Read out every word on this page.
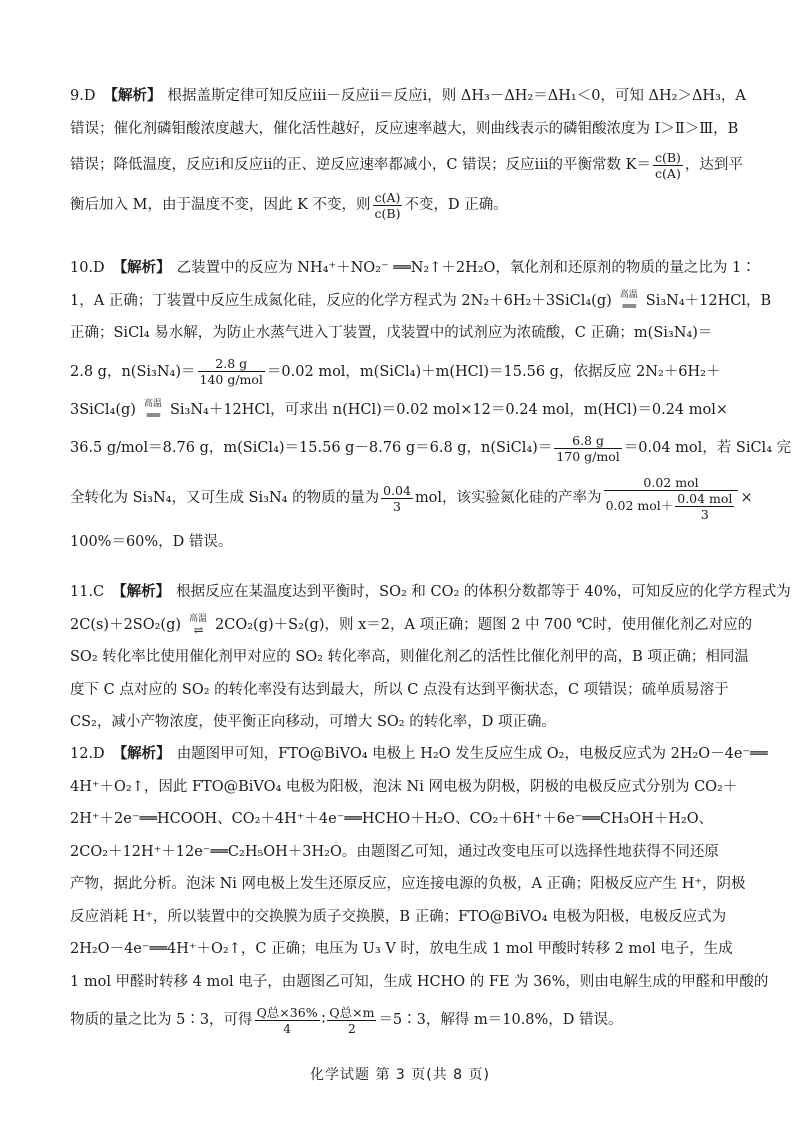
9.D 【解析】 根据盖斯定律可知反应ⅲ－反应ⅱ＝反应ⅰ，则 ΔH₃－ΔH₂＝ΔH₁＜0，可知 ΔH₂＞ΔH₃，A
错误；催化剂磷钼酸浓度越大，催化活性越好，反应速率越大，则曲线表示的磷钼酸浓度为 Ⅰ＞Ⅱ＞Ⅲ，B
错误；降低温度，反应ⅰ和反应ⅱ的正、逆反应速率都减小，C 错误；反应ⅲ的平衡常数 $K= \frac{c(B)}{c(A)}$ ，达到平
衡后加入 M，由于温度不变，因此 K 不变，则 $\frac{c(A)}{c(B)}$ 不变，D 正确。
10.D 【解析】 乙装置中的反应为 NH₄⁺＋NO₂⁻ ══N₂↑＋2H₂O，氧化剂和还原剂的物质的量之比为 1∶
1，A 正确；丁装置中反应生成氮化硅，反应的化学方程式为 2N₂＋6H₂＋3SiCl₄(g) 高温
══ Si₃N₄＋12HCl，B
正确；SiCl₄ 易水解，为防止水蒸气进入丁装置，戊装置中的试剂应为浓硫酸，C 正确；m(Si₃N₄)＝
2.8 g，$n(Si_3N_4)= \frac{2.8 g}{\text{140 g/mol}} =0.02$ mol，m(SiCl₄)＋m(HCl)＝15.56 g，依据反应 2N₂＋6H₂＋
3SiCl₄(g) 高温
══ Si₃N₄＋12HCl，可求出 n(HCl)＝0.02 mol×12＝0.24 mol，m(HCl)＝0.24 mol×
36.5 g/mol＝8.76 g，m(SiCl₄)＝15.56 g－8.76 g＝6.8 g，n(SiCl₄)＝ $\frac{6.8 g}{\text{170 g/mol}} =0.04$ mol，若 SiCl₄ 完
全转化为 Si₃N₄，又可生成 Si₃N₄ 的物质的量为 $\frac{0.04}{3}$ mol，该实验氮化硅的产率为 $\frac{\text{0.02 mol}}{0.02 mol+ \frac{\text{0.04 mol}}{3}}$ ×
100%＝60%，D 错误。
11.C 【解析】 根据反应在某温度达到平衡时，SO₂ 和 CO₂ 的体积分数都等于 40%，可知反应的化学方程式为
2C(s)＋2SO₂(g) 高温
⇌ 2CO₂(g)＋S₂(g)，则 x＝2，A 项正确；题图 2 中 700 ℃时，使用催化剂乙对应的
SO₂ 转化率比使用催化剂甲对应的 SO₂ 转化率高，则催化剂乙的活性比催化剂甲的高，B 项正确；相同温
度下 C 点对应的 SO₂ 的转化率没有达到最大，所以 C 点没有达到平衡状态，C 项错误；硫单质易溶于
CS₂，减小产物浓度，使平衡正向移动，可增大 SO₂ 的转化率，D 项正确。
12.D 【解析】 由题图甲可知，FTO@BiVO₄ 电极上 H₂O 发生反应生成 O₂，电极反应式为 2H₂O－4e⁻══
4H⁺＋O₂↑，因此 FTO@BiVO₄ 电极为阳极，泡沫 Ni 网电极为阴极，阴极的电极反应式分别为 CO₂＋
2H⁺＋2e⁻══HCOOH、CO₂＋4H⁺＋4e⁻══HCHO＋H₂O、CO₂＋6H⁺＋6e⁻══CH₃OH＋H₂O、
2CO₂＋12H⁺＋12e⁻══C₂H₅OH＋3H₂O。由题图乙可知，通过改变电压可以选择性地获得不同还原
产物，据此分析。泡沫 Ni 网电极上发生还原反应，应连接电源的负极，A 正确；阳极反应产生 H⁺，阴极
反应消耗 H⁺，所以装置中的交换膜为质子交换膜，B 正确；FTO@BiVO₄ 电极为阳极，电极反应式为
2H₂O－4e⁻══4H⁺＋O₂↑，C 正确；电压为 U₃ V 时，放电生成 1 mol 甲酸时转移 2 mol 电子，生成
1 mol 甲醛时转移 4 mol 电子，由题图乙可知，生成 HCHO 的 FE 为 36%，则由电解生成的甲醛和甲酸的
物质的量之比为 5∶3，可得 $\frac{\text{Q总×36\%}}{4}$ ∶ $\frac{\text{Q总×m}}{2}$ ＝5∶3，解得 m＝10.8%，D 错误。
化学试题 第 3 页(共 8 页)
